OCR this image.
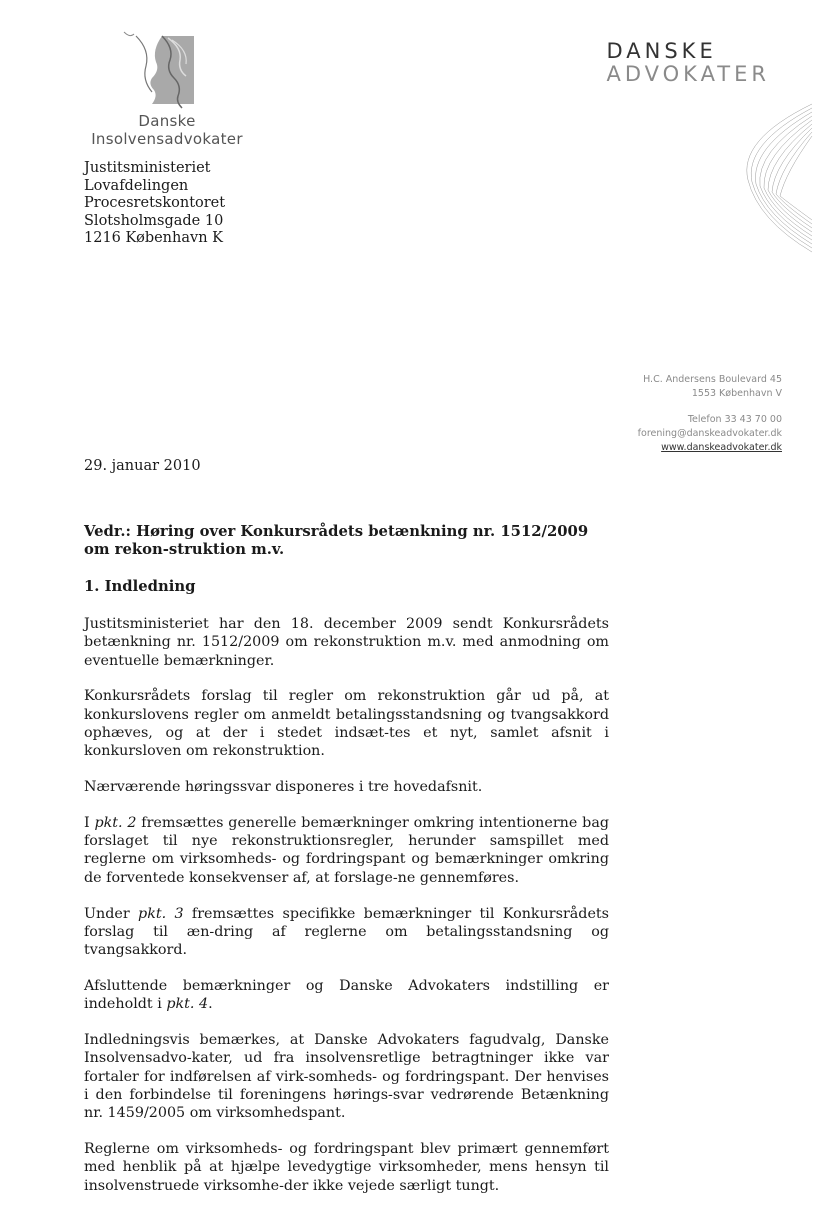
Danske
Insolvensadvokater
DANSKE
ADVOKATER
Justitsministeriet
Lovafdelingen
Procesretskontoret
Slotsholmsgade 10
1216 København K
H.C. Andersens Boulevard 45
1553 København V
Telefon 33 43 70 00
forening@danskeadvokater.dk
www.danskeadvokater.dk
29. januar 2010
Vedr.: Høring over Konkursrådets betænkning nr. 1512/2009 om rekon-struktion m.v.
1. Indledning

Justitsministeriet har den 18. december 2009 sendt Konkursrådets betænkning nr. 1512/2009 om rekonstruktion m.v. med anmodning om eventuelle bemærkninger.

Konkursrådets forslag til regler om rekonstruktion går ud på, at konkurslovens regler om anmeldt betalingsstandsning og tvangsakkord ophæves, og at der i stedet indsæt-tes et nyt, samlet afsnit i konkursloven om rekonstruktion.

Nærværende høringssvar disponeres i tre hovedafsnit.

I pkt. 2 fremsættes generelle bemærkninger omkring intentionerne bag forslaget til nye rekonstruktionsregler, herunder samspillet med reglerne om virksomheds- og fordringspant og bemærkninger omkring de forventede konsekvenser af, at forslage-ne gennemføres.

Under pkt. 3 fremsættes specifikke bemærkninger til Konkursrådets forslag til æn-dring af reglerne om betalingsstandsning og tvangsakkord.

Afsluttende bemærkninger og Danske Advokaters indstilling er indeholdt i pkt. 4.

Indledningsvis bemærkes, at Danske Advokaters fagudvalg, Danske Insolvensadvo-kater, ud fra insolvensretlige betragtninger ikke var fortaler for indførelsen af virk-somheds- og fordringspant. Der henvises i den forbindelse til foreningens hørings-svar vedrørende Betænkning nr. 1459/2005 om virksomhedspant.

Reglerne om virksomheds- og fordringspant blev primært gennemført med henblik på at hjælpe levedygtige virksomheder, mens hensyn til insolvenstruede virksomhe-der ikke vejede særligt tungt.
